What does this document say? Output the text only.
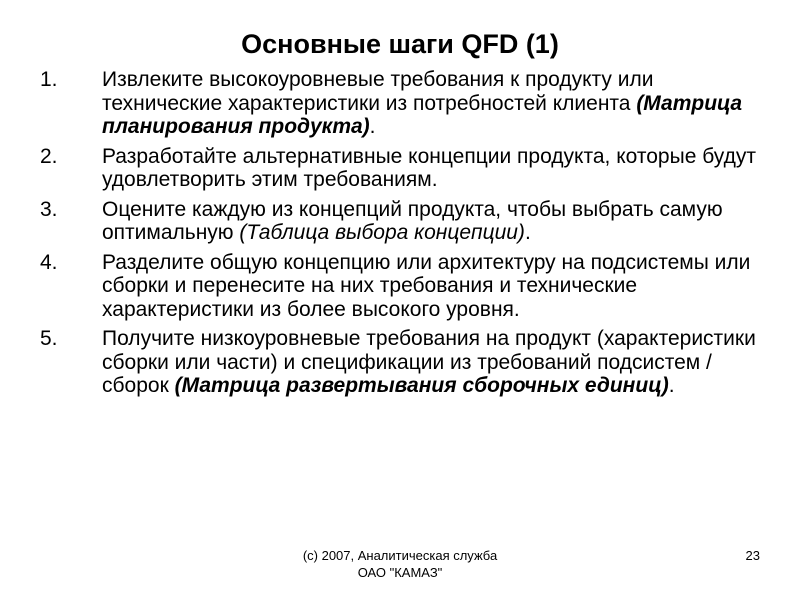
Основные шаги QFD (1)
1. Извлеките высокоуровневые требования к продукту или технические характеристики из потребностей клиента (Матрица планирования продукта).
2. Разработайте альтернативные концепции продукта, которые будут удовлетворить этим требованиям.
3. Оцените каждую из концепций продукта, чтобы выбрать самую оптимальную (Таблица выбора концепции).
4. Разделите общую концепцию или архитектуру на подсистемы или сборки и перенесите на них требования и технические характеристики из более высокого уровня.
5. Получите низкоуровневые требования на продукт (характеристики сборки или части) и спецификации из требований подсистем / сборок (Матрица развертывания сборочных единиц).
(с) 2007, Аналитическая служба
ОАО "КАМАЗ"
23
